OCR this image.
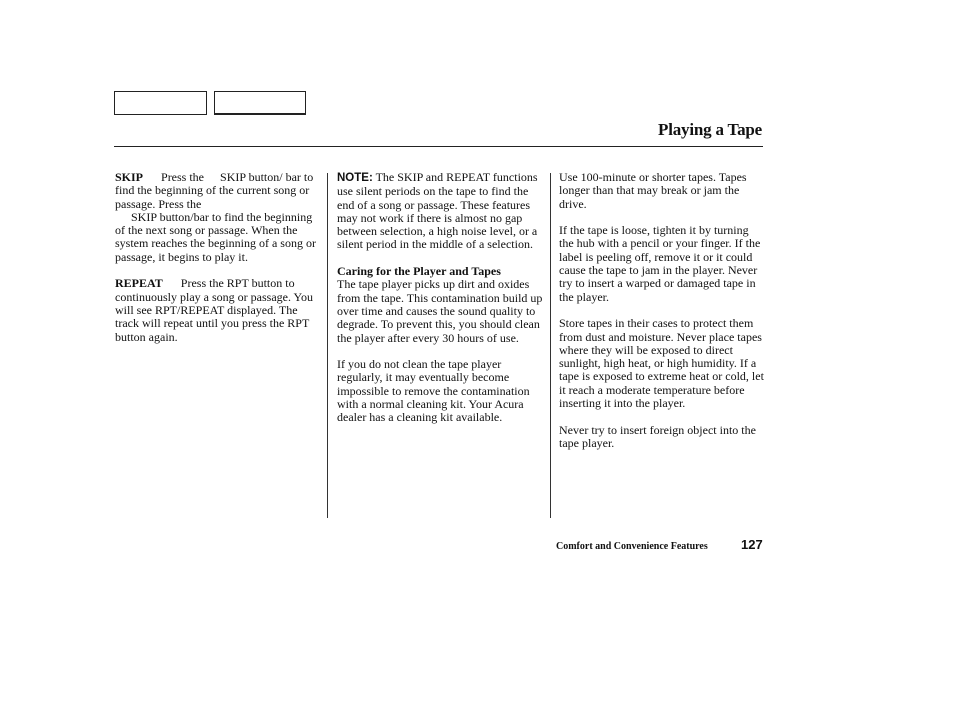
Playing a Tape

SKIP Press the SKIP button/ bar to find the beginning of the current song or passage. Press the
SKIP button/bar to find the beginning of the next song or passage. When the system reaches the beginning of a song or passage, it begins to play it.

REPEAT Press the RPT button to continuously play a song or passage. You will see RPT/REPEAT displayed. The track will repeat until you press the RPT button again.

NOTE: The SKIP and REPEAT functions use silent periods on the tape to find the end of a song or passage. These features may not work if there is almost no gap between selection, a high noise level, or a silent period in the middle of a selection.

Caring for the Player and Tapes
The tape player picks up dirt and oxides from the tape. This contamination build up over time and causes the sound quality to degrade. To prevent this, you should clean the player after every 30 hours of use.

If you do not clean the tape player regularly, it may eventually become impossible to remove the contamination with a normal cleaning kit. Your Acura dealer has a cleaning kit available.

Use 100-minute or shorter tapes. Tapes longer than that may break or jam the drive.

If the tape is loose, tighten it by turning the hub with a pencil or your finger. If the label is peeling off, remove it or it could cause the tape to jam in the player. Never try to insert a warped or damaged tape in the player.

Store tapes in their cases to protect them from dust and moisture. Never place tapes where they will be exposed to direct sunlight, high heat, or high humidity. If a tape is exposed to extreme heat or cold, let it reach a moderate temperature before inserting it into the player.

Never try to insert foreign object into the tape player.

Comfort and Convenience Features	127
